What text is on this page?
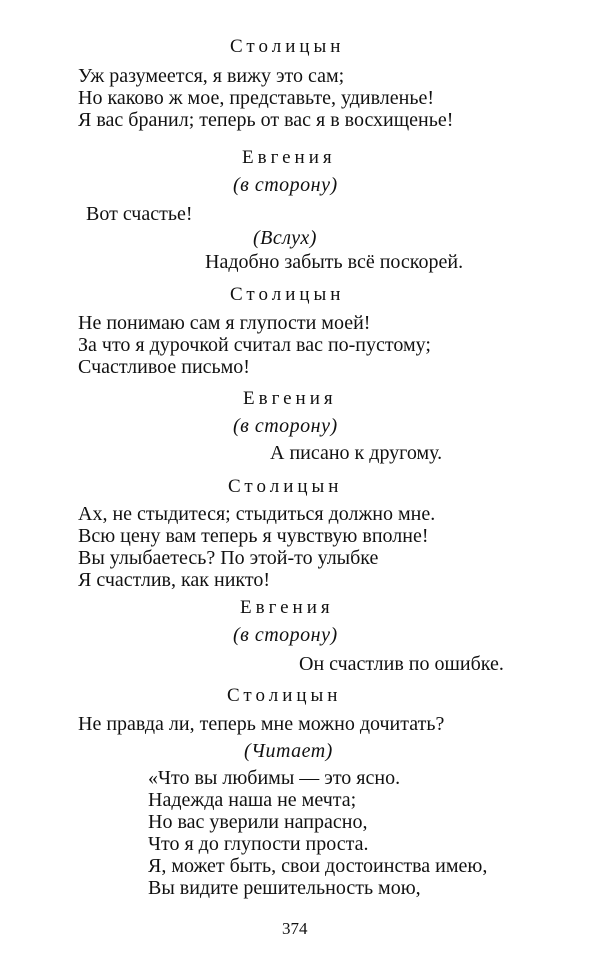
Столицын
Уж разумеется, я вижу это сам;
Но каково ж мое, представьте, удивленье!
Я вас бранил; теперь от вас я в восхищенье!
Евгения
(в сторону)
Вот счастье!
(Вслух)
Надобно забыть всё поскорей.
Столицын
Не понимаю сам я глупости моей!
За что я дурочкой считал вас по-пустому;
Счастливое письмо!
Евгения
(в сторону)
А писано к другому.
Столицын
Ах, не стыдитеся; стыдиться должно мне.
Всю цену вам теперь я чувствую вполне!
Вы улыбаетесь? По этой-то улыбке
Я счастлив, как никто!
Евгения
(в сторону)
Он счастлив по ошибке.
Столицын
Не правда ли, теперь мне можно дочитать?
(Читает)
«Что вы любимы — это ясно.
Надежда наша не мечта;
Но вас уверили напрасно,
Что я до глупости проста.
Я, может быть, свои достоинства имею,
Вы видите решительность мою,
374
